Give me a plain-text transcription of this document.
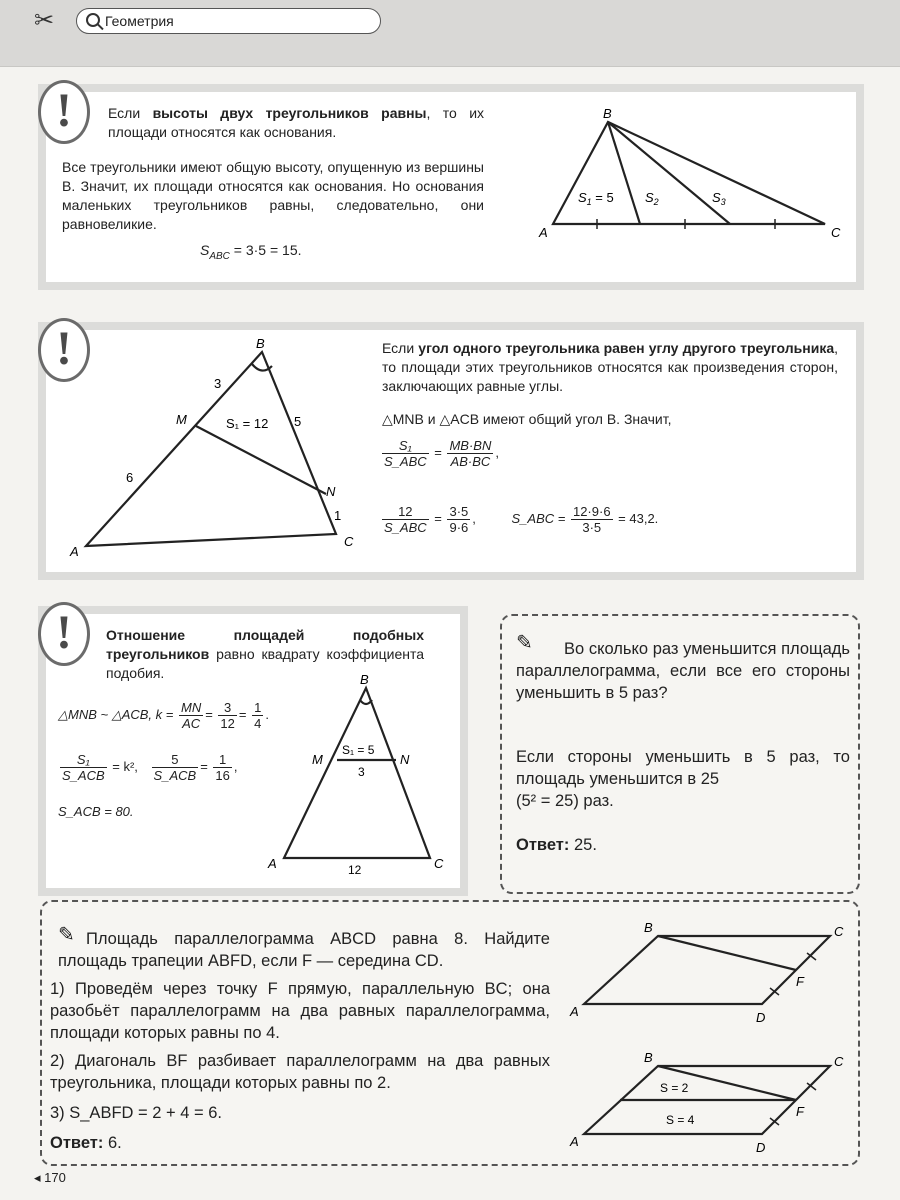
✂	Геометрия
!	Если высоты двух треугольников равны, то их площади относятся как основания.
Все треугольники имеют общую высоту, опущенную из вершины B. Значит, их площади относятся как основания. Но основания маленьких треугольников равны, следовательно, они равновеликие.
$S_{ABC} = 3\cdot 5 = 15$.
A
B
C
$S_1 = 5$ $S_2$	$S_3$
!
A
B
C
M
N
3
5
6
1
S₁ = 12
Если угол одного треугольника равен углу другого треугольника, то площади этих треугольников относятся как произведения сторон, заключающих равные углы.
△MNB и △ACB имеют общий угол B. Значит,
$\frac{\text{S₁}}{\text{S\_ABC}} = \frac{MB\cdot BN}{AB\cdot BC}$ ,
$\frac{12}{\text{S\_ABC}} = \frac{3\cdot 5}{9\cdot 6}$ , S_ABC = $\frac{12\cdot 9\cdot 6}{3\cdot 5} = 43,2$.
!	Отношение площадей подобных треугольников равно квадрату коэффициента подобия.
△MNB ~ △ACB, $k = \frac{MN}{AC} = \frac{3}{12} = \frac{1}{4}$ .
$\frac{\text{S₁}}{\text{S\_ACB}} = k^2$, $\frac{5}{\text{S\_ACB}} = \frac{1}{16}$ ,
S_ACB = 80.
A
B
C
M	N
S₁ = 5
3
12
✎	Во сколько раз уменьшится площадь параллелограмма, если все его стороны уменьшить в 5 раз?
Если стороны уменьшить в 5 раз, то площадь уменьшится в 25
(5² = 25) раз.
Ответ: 25.
✎ Площадь параллелограмма ABCD равна 8. Найдите площадь трапеции ABFD, если F — середина CD.
1) Проведём через точку F прямую, параллельную BC; она разобьёт параллелограмм на два равных параллелограмма, площади которых равны по 4.
2) Диагональ BF разбивает параллелограмм на два равных треугольника, площади которых равны по 2.
3) S_ABFD = 2 + 4 = 6.
Ответ: 6.
A
B	C
D
F
A
B	C
D
F
S = 2
S = 4
◂ 170
